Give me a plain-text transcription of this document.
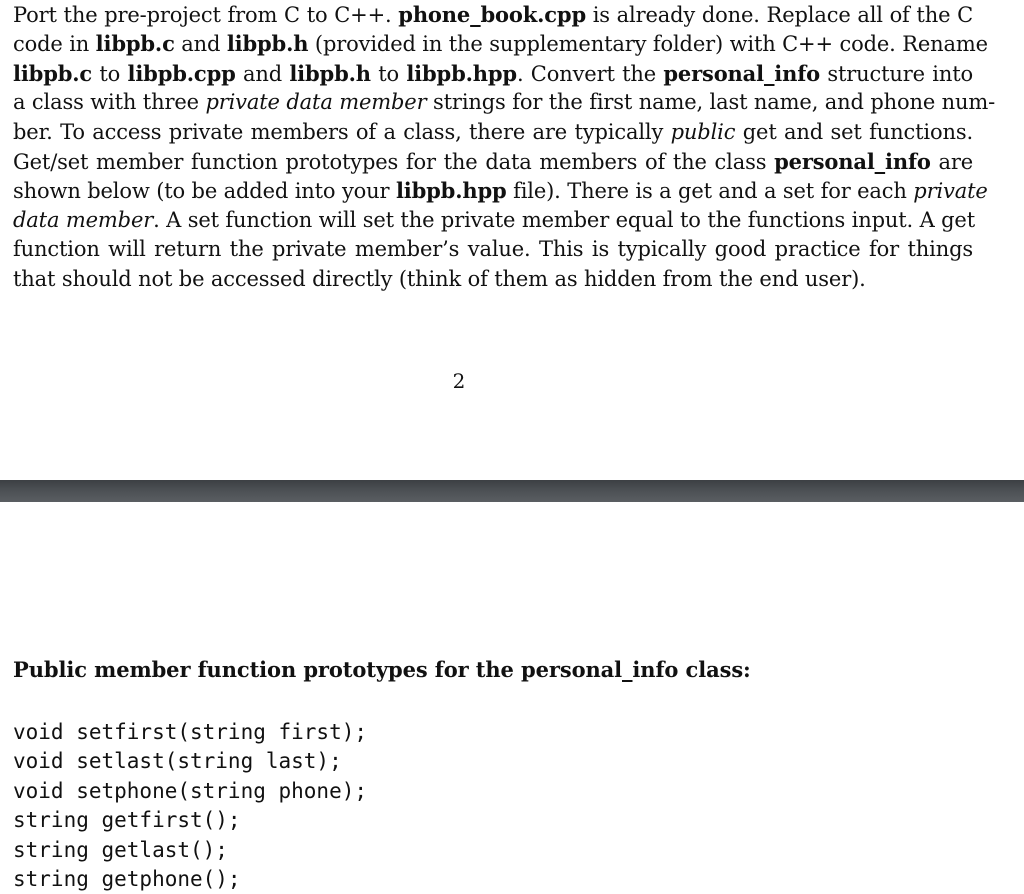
Port the pre-project from C to C++. phone_book.cpp is already done. Replace all of the C
code in libpb.c and libpb.h (provided in the supplementary folder) with C++ code. Rename
libpb.c to libpb.cpp and libpb.h to libpb.hpp. Convert the personal_info structure into
a class with three private data member strings for the first name, last name, and phone num-
ber. To access private members of a class, there are typically public get and set functions.
Get/set member function prototypes for the data members of the class personal_info are
shown below (to be added into your libpb.hpp file). There is a get and a set for each private
data member. A set function will set the private member equal to the functions input. A get
function will return the private member’s value. This is typically good practice for things
that should not be accessed directly (think of them as hidden from the end user).
2
Public member function prototypes for the personal_info class:
void setfirst(string first);
void setlast(string last);
void setphone(string phone);
string getfirst();
string getlast();
string getphone();
